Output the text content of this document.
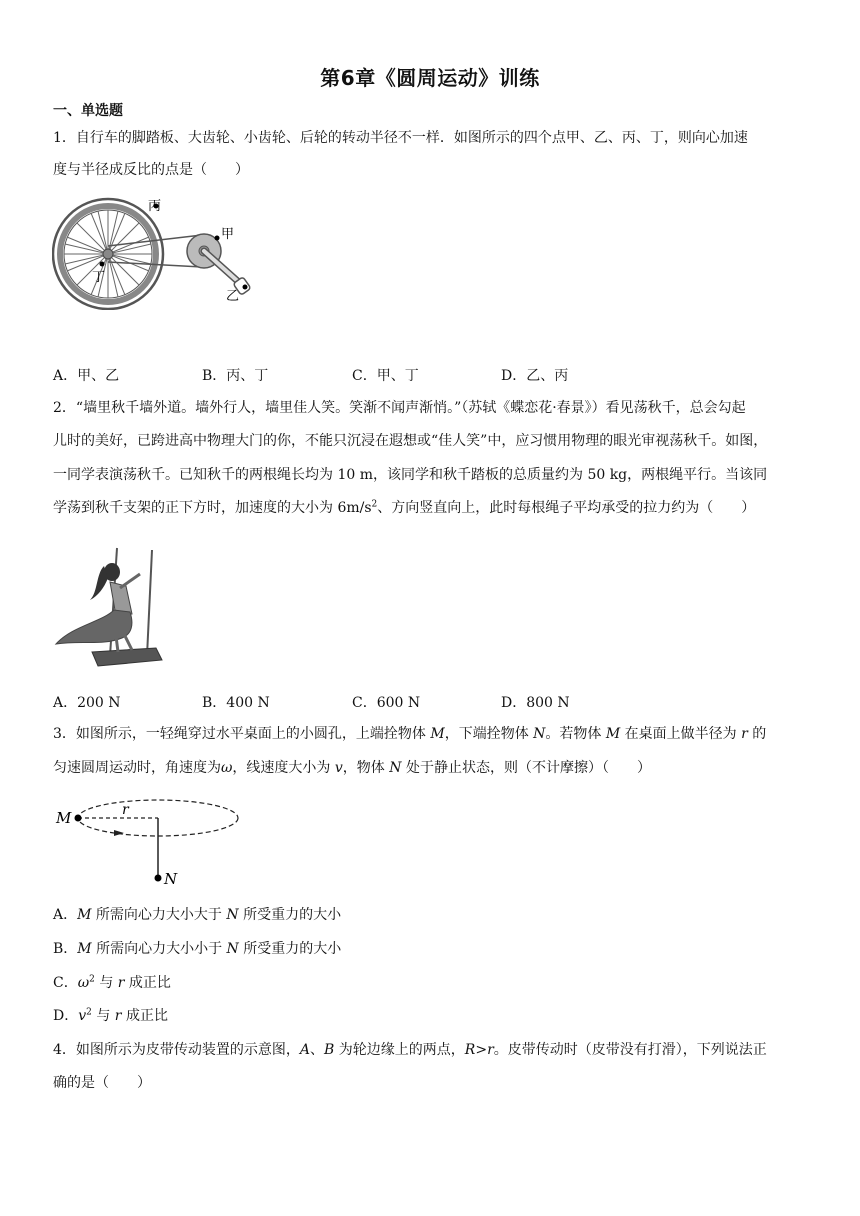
第6章《圆周运动》训练
一、单选题
1．自行车的脚踏板、大齿轮、小齿轮、后轮的转动半径不一样．如图所示的四个点甲、乙、丙、丁，则向心加速
度与半径成反比的点是（　　）
丙
甲
丁
乙
A．甲、乙	B．丙、丁	C．甲、丁	D．乙、丙
2．“墙里秋千墙外道。墙外行人，墙里佳人笑。笑渐不闻声渐悄。”（苏轼《蝶恋花·春景》）看见荡秋千，总会勾起
儿时的美好，已跨进高中物理大门的你，不能只沉浸在遐想或“佳人笑”中，应习惯用物理的眼光审视荡秋千。如图，
一同学表演荡秋千。已知秋千的两根绳长均为 10 m，该同学和秋千踏板的总质量约为 50 kg，两根绳平行。当该同
学荡到秋千支架的正下方时，加速度的大小为 $6m/s^2$、方向竖直向上，此时每根绳子平均承受的拉力约为（　　）
A．200 N	B．400 N	C．600 N	D．800 N
3．如图所示，一轻绳穿过水平桌面上的小圆孔，上端拴物体 M，下端拴物体 N。若物体 M 在桌面上做半径为 r 的
匀速圆周运动时，角速度为ω，线速度大小为 v，物体 N 处于静止状态，则（不计摩擦）（　　）
M	r
N
A．M 所需向心力大小大于 N 所受重力的大小
B．M 所需向心力大小小于 N 所受重力的大小
C．$\omega^2$ 与 r 成正比
D．$v^2$ 与 r 成正比
4．如图所示为皮带传动装置的示意图，A、B 为轮边缘上的两点，R>r。皮带传动时（皮带没有打滑），下列说法正
确的是（　　）
